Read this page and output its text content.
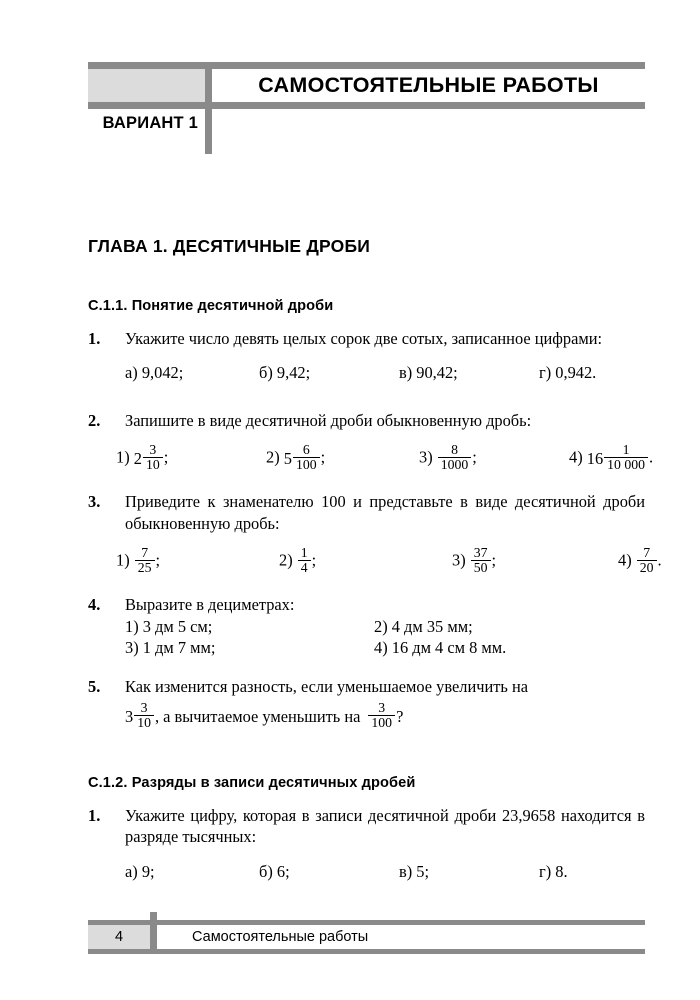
САМОСТОЯТЕЛЬНЫЕ РАБОТЫ
ВАРИАНТ 1
ГЛАВА 1. ДЕСЯТИЧНЫЕ ДРОБИ
С.1.1. Понятие десятичной дроби
1. Укажите число девять целых сорок две сотых, записанное цифрами:
а) 9,042;	б) 9,42;	в) 90,42;	г) 0,942.
2. Запишите в виде десятичной дроби обыкновенную дробь:
1) $2 \frac{3}{10}$ ;	2) $5 \frac{6}{100}$ ;	$3) \frac{8}{1000}$ ;	4) $16 \frac{1}{10 000}$ .
3. Приведите к знаменателю 100 и представьте в виде десятичной дроби обыкновенную дробь:
$1) \frac{7}{25}$ ;	$2) \frac{1}{4}$ ;	$3) \frac{37}{50}$ ;	$4) \frac{7}{20}$ .
4. Выразите в дециметрах:
1) 3 дм 5 см;	2) 4 дм 35 мм;
3) 1 дм 7 мм;	4) 16 дм 4 см 8 мм.
5. Как изменится разность, если уменьшаемое увеличить на
$3 \frac{3}{10}$ , а вычитаемое уменьшить на $\frac{3}{100}$ ?
С.1.2. Разряды в записи десятичных дробей
1. Укажите цифру, которая в записи десятичной дроби 23,9658 находится в разряде тысячных:
а) 9;	б) 6;	в) 5;	г) 8.
4	Самостоятельные работы
